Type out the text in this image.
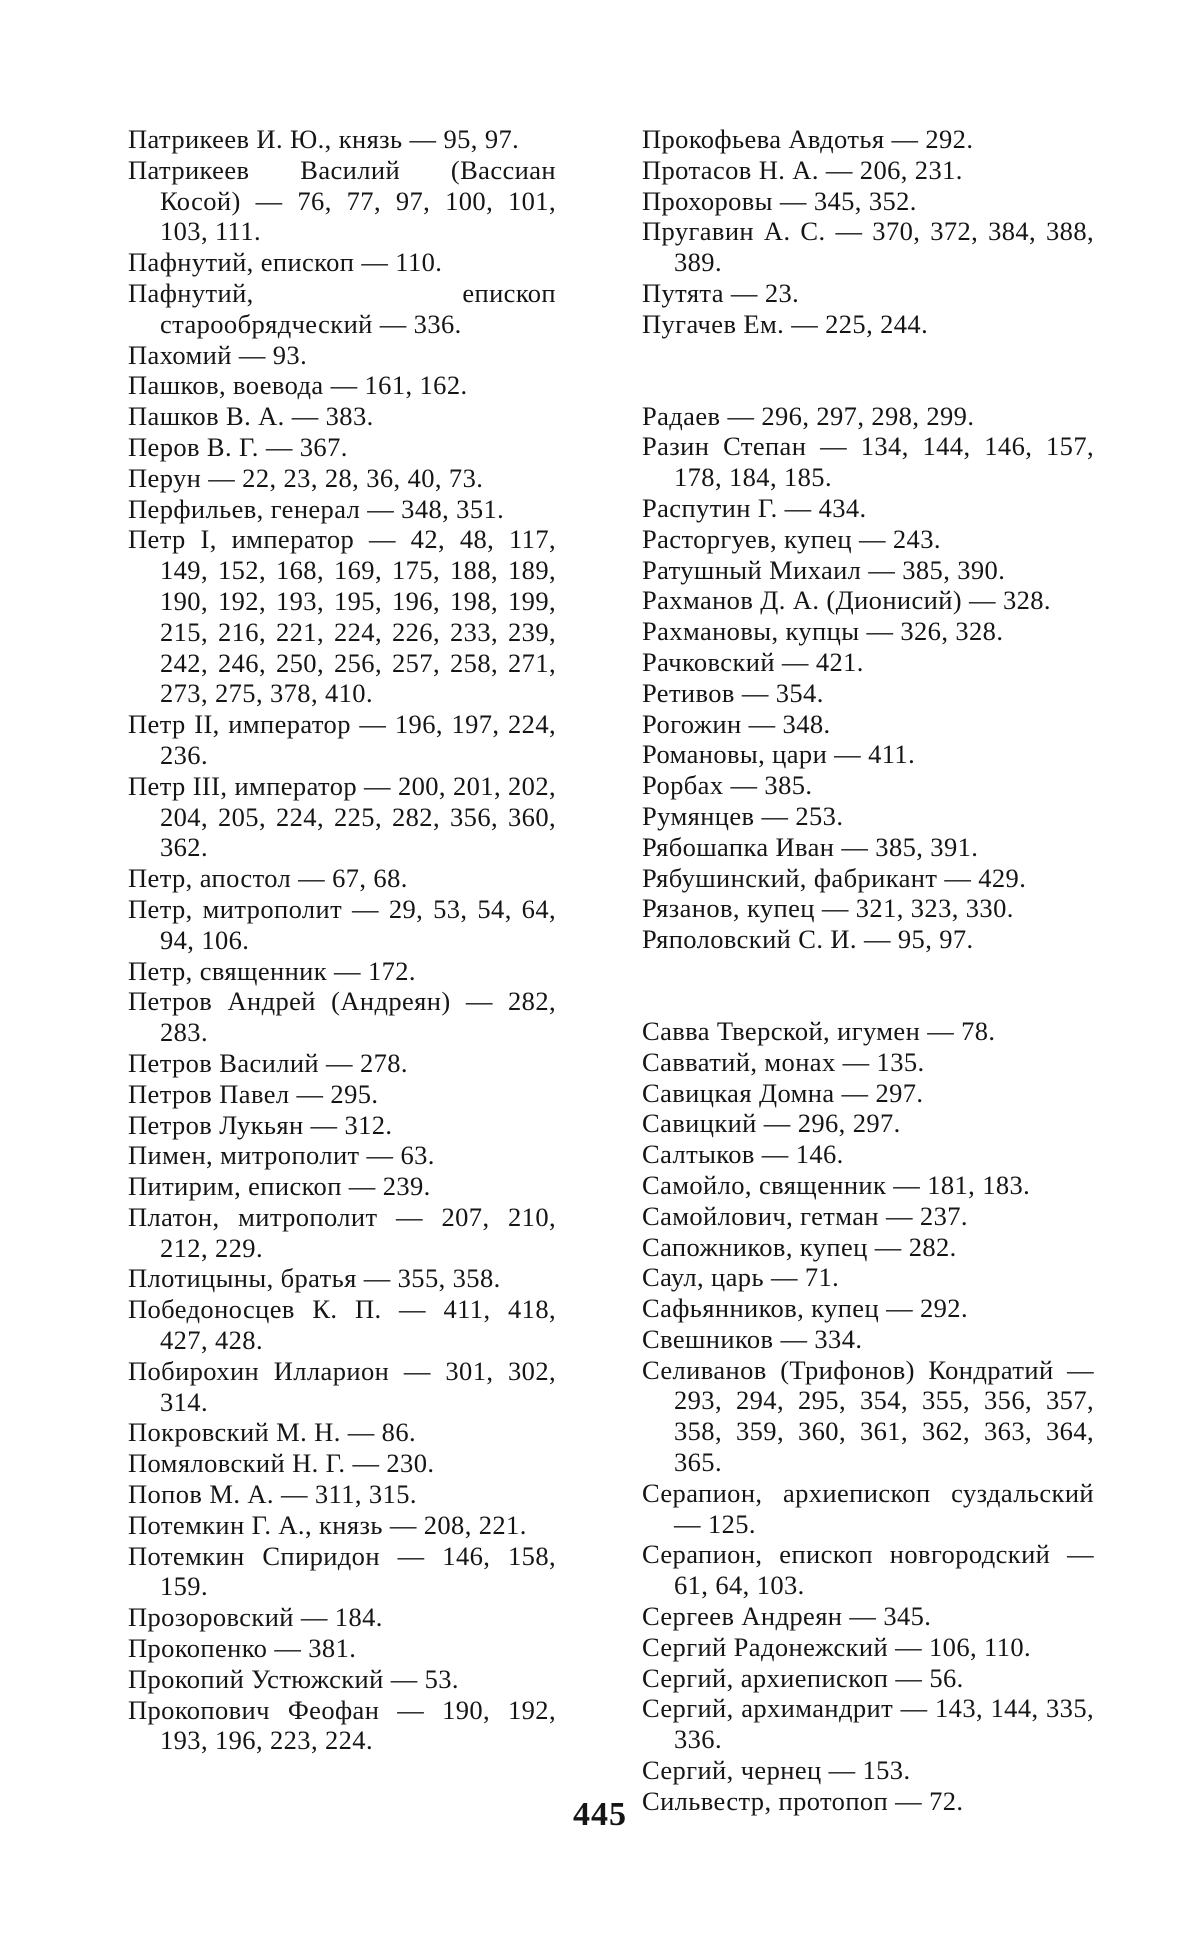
Патрикеев И. Ю., князь — 95, 97.
Патрикеев Василий (Вассиан Косой) — 76, 77, 97, 100, 101, 103, 111.
Пафнутий, епископ — 110.
Пафнутий, епископ старообрядческий — 336.
Пахомий — 93.
Пашков, воевода — 161, 162.
Пашков В. А. — 383.
Перов В. Г. — 367.
Перун — 22, 23, 28, 36, 40, 73.
Перфильев, генерал — 348, 351.
Петр I, император — 42, 48, 117, 149, 152, 168, 169, 175, 188, 189, 190, 192, 193, 195, 196, 198, 199, 215, 216, 221, 224, 226, 233, 239, 242, 246, 250, 256, 257, 258, 271, 273, 275, 378, 410.
Петр II, император — 196, 197, 224, 236.
Петр III, император — 200, 201, 202, 204, 205, 224, 225, 282, 356, 360, 362.
Петр, апостол — 67, 68.
Петр, митрополит — 29, 53, 54, 64, 94, 106.
Петр, священник — 172.
Петров Андрей (Андреян) — 282, 283.
Петров Василий — 278.
Петров Павел — 295.
Петров Лукьян — 312.
Пимен, митрополит — 63.
Питирим, епископ — 239.
Платон, митрополит — 207, 210, 212, 229.
Плотицыны, братья — 355, 358.
Победоносцев К. П. — 411, 418, 427, 428.
Побирохин Илларион — 301, 302, 314.
Покровский М. Н. — 86.
Помяловский Н. Г. — 230.
Попов М. А. — 311, 315.
Потемкин Г. А., князь — 208, 221.
Потемкин Спиридон — 146, 158, 159.
Прозоровский — 184.
Прокопенко — 381.
Прокопий Устюжский — 53.
Прокопович Феофан — 190, 192, 193, 196, 223, 224.
Прокофьева Авдотья — 292.
Протасов Н. А. — 206, 231.
Прохоровы — 345, 352.
Пругавин А. С. — 370, 372, 384, 388, 389.
Путята — 23.
Пугачев Ем. — 225, 244.
Радаев — 296, 297, 298, 299.
Разин Степан — 134, 144, 146, 157, 178, 184, 185.
Распутин Г. — 434.
Расторгуев, купец — 243.
Ратушный Михаил — 385, 390.
Рахманов Д. А. (Дионисий) — 328.
Рахмановы, купцы — 326, 328.
Рачковский — 421.
Ретивов — 354.
Рогожин — 348.
Романовы, цари — 411.
Рорбах — 385.
Румянцев — 253.
Рябошапка Иван — 385, 391.
Рябушинский, фабрикант — 429.
Рязанов, купец — 321, 323, 330.
Ряполовский С. И. — 95, 97.
Савва Тверской, игумен — 78.
Савватий, монах — 135.
Савицкая Домна — 297.
Савицкий — 296, 297.
Салтыков — 146.
Самойло, священник — 181, 183.
Самойлович, гетман — 237.
Сапожников, купец — 282.
Саул, царь — 71.
Сафьянников, купец — 292.
Свешников — 334.
Селиванов (Трифонов) Кондратий — 293, 294, 295, 354, 355, 356, 357, 358, 359, 360, 361, 362, 363, 364, 365.
Серапион, архиепископ суздальский — 125.
Серапион, епископ новгородский — 61, 64, 103.
Сергеев Андреян — 345.
Сергий Радонежский — 106, 110.
Сергий, архиепископ — 56.
Сергий, архимандрит — 143, 144, 335, 336.
Сергий, чернец — 153.
Сильвестр, протопоп — 72.
445
